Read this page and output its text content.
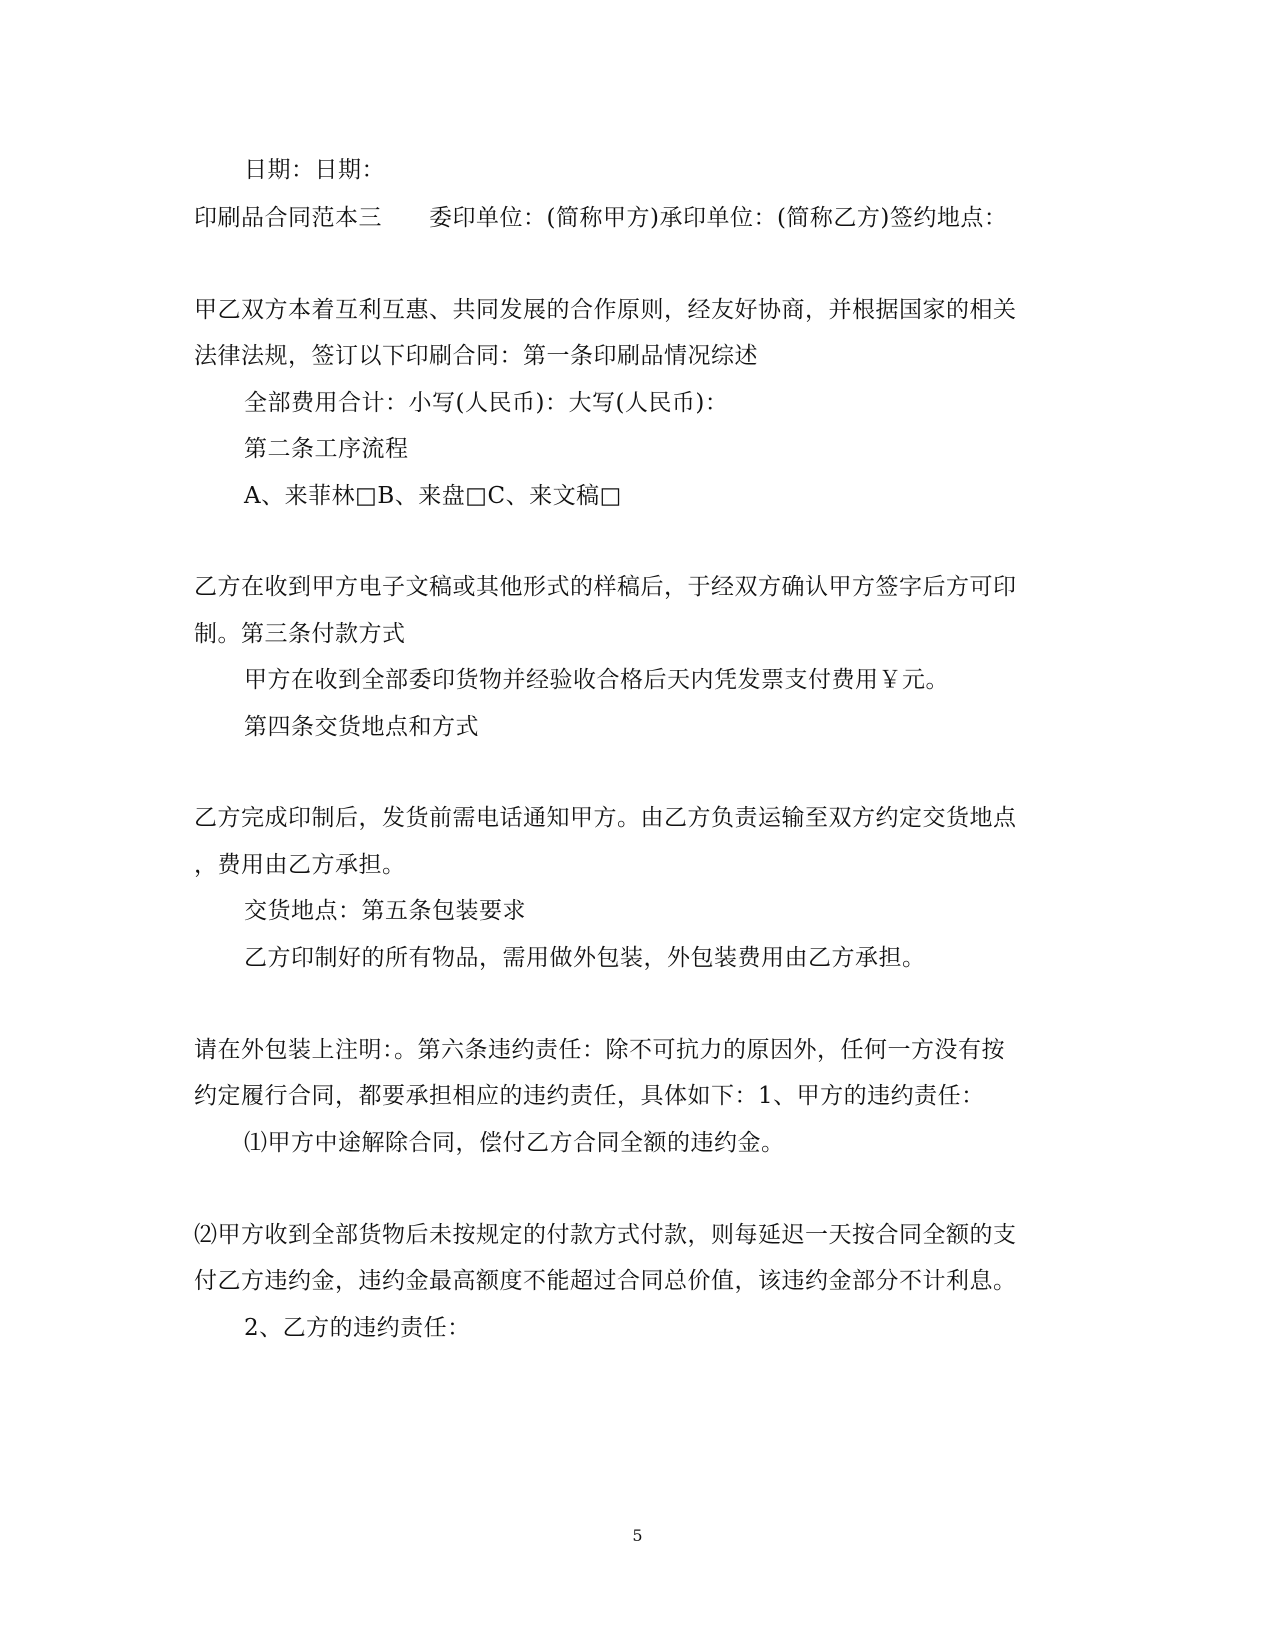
日期：日期：
印刷品合同范本三　　委印单位：(简称甲方)承印单位：(简称乙方)签约地点：
甲乙双方本着互利互惠、共同发展的合作原则，经友好协商，并根据国家的相关
法律法规，签订以下印刷合同：第一条印刷品情况综述
全部费用合计：小写(人民币)：大写(人民币)：
第二条工序流程
A、来菲林□B、来盘□C、来文稿□
乙方在收到甲方电子文稿或其他形式的样稿后，于经双方确认甲方签字后方可印
制。第三条付款方式
甲方在收到全部委印货物并经验收合格后天内凭发票支付费用￥元。
第四条交货地点和方式
乙方完成印制后，发货前需电话通知甲方。由乙方负责运输至双方约定交货地点
，费用由乙方承担。
交货地点：第五条包装要求
乙方印制好的所有物品，需用做外包装，外包装费用由乙方承担。
请在外包装上注明：。第六条违约责任：除不可抗力的原因外，任何一方没有按
约定履行合同，都要承担相应的违约责任，具体如下：1、甲方的违约责任：
⑴甲方中途解除合同，偿付乙方合同全额的违约金。
⑵甲方收到全部货物后未按规定的付款方式付款，则每延迟一天按合同全额的支
付乙方违约金，违约金最高额度不能超过合同总价值，该违约金部分不计利息。
2、乙方的违约责任：
5
